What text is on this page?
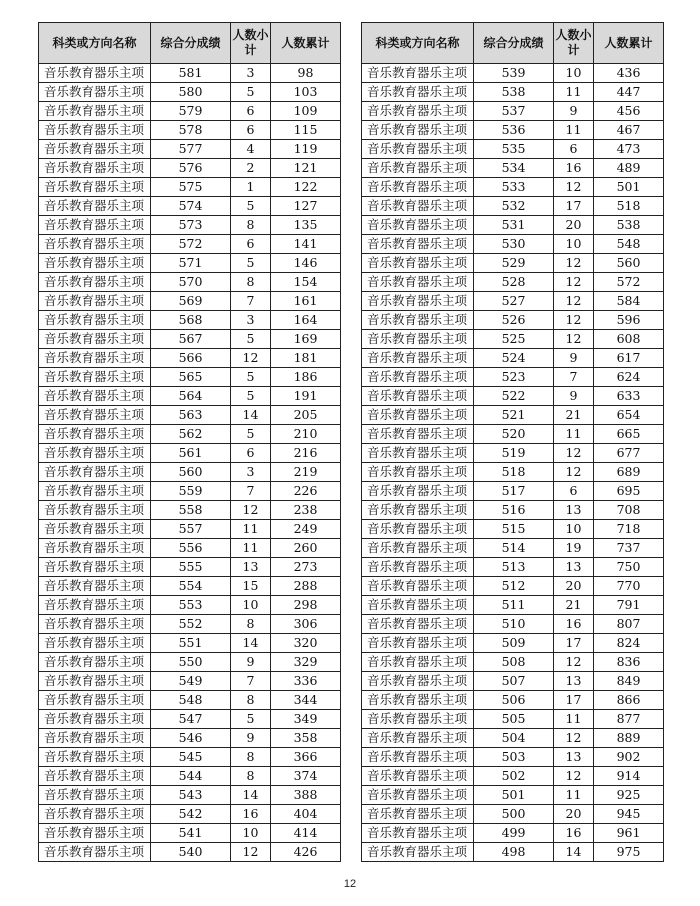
科类或方向名称	综合分成绩	人数小计	人数累计
音乐教育器乐主项	581	3	98
音乐教育器乐主项	580	5	103
音乐教育器乐主项	579	6	109
音乐教育器乐主项	578	6	115
音乐教育器乐主项	577	4	119
音乐教育器乐主项	576	2	121
音乐教育器乐主项	575	1	122
音乐教育器乐主项	574	5	127
音乐教育器乐主项	573	8	135
音乐教育器乐主项	572	6	141
音乐教育器乐主项	571	5	146
音乐教育器乐主项	570	8	154
音乐教育器乐主项	569	7	161
音乐教育器乐主项	568	3	164
音乐教育器乐主项	567	5	169
音乐教育器乐主项	566	12	181
音乐教育器乐主项	565	5	186
音乐教育器乐主项	564	5	191
音乐教育器乐主项	563	14	205
音乐教育器乐主项	562	5	210
音乐教育器乐主项	561	6	216
音乐教育器乐主项	560	3	219
音乐教育器乐主项	559	7	226
音乐教育器乐主项	558	12	238
音乐教育器乐主项	557	11	249
音乐教育器乐主项	556	11	260
音乐教育器乐主项	555	13	273
音乐教育器乐主项	554	15	288
音乐教育器乐主项	553	10	298
音乐教育器乐主项	552	8	306
音乐教育器乐主项	551	14	320
音乐教育器乐主项	550	9	329
音乐教育器乐主项	549	7	336
音乐教育器乐主项	548	8	344
音乐教育器乐主项	547	5	349
音乐教育器乐主项	546	9	358
音乐教育器乐主项	545	8	366
音乐教育器乐主项	544	8	374
音乐教育器乐主项	543	14	388
音乐教育器乐主项	542	16	404
音乐教育器乐主项	541	10	414
音乐教育器乐主项	540	12	426
科类或方向名称	综合分成绩	人数小计	人数累计
音乐教育器乐主项	539	10	436
音乐教育器乐主项	538	11	447
音乐教育器乐主项	537	9	456
音乐教育器乐主项	536	11	467
音乐教育器乐主项	535	6	473
音乐教育器乐主项	534	16	489
音乐教育器乐主项	533	12	501
音乐教育器乐主项	532	17	518
音乐教育器乐主项	531	20	538
音乐教育器乐主项	530	10	548
音乐教育器乐主项	529	12	560
音乐教育器乐主项	528	12	572
音乐教育器乐主项	527	12	584
音乐教育器乐主项	526	12	596
音乐教育器乐主项	525	12	608
音乐教育器乐主项	524	9	617
音乐教育器乐主项	523	7	624
音乐教育器乐主项	522	9	633
音乐教育器乐主项	521	21	654
音乐教育器乐主项	520	11	665
音乐教育器乐主项	519	12	677
音乐教育器乐主项	518	12	689
音乐教育器乐主项	517	6	695
音乐教育器乐主项	516	13	708
音乐教育器乐主项	515	10	718
音乐教育器乐主项	514	19	737
音乐教育器乐主项	513	13	750
音乐教育器乐主项	512	20	770
音乐教育器乐主项	511	21	791
音乐教育器乐主项	510	16	807
音乐教育器乐主项	509	17	824
音乐教育器乐主项	508	12	836
音乐教育器乐主项	507	13	849
音乐教育器乐主项	506	17	866
音乐教育器乐主项	505	11	877
音乐教育器乐主项	504	12	889
音乐教育器乐主项	503	13	902
音乐教育器乐主项	502	12	914
音乐教育器乐主项	501	11	925
音乐教育器乐主项	500	20	945
音乐教育器乐主项	499	16	961
音乐教育器乐主项	498	14	975
12
